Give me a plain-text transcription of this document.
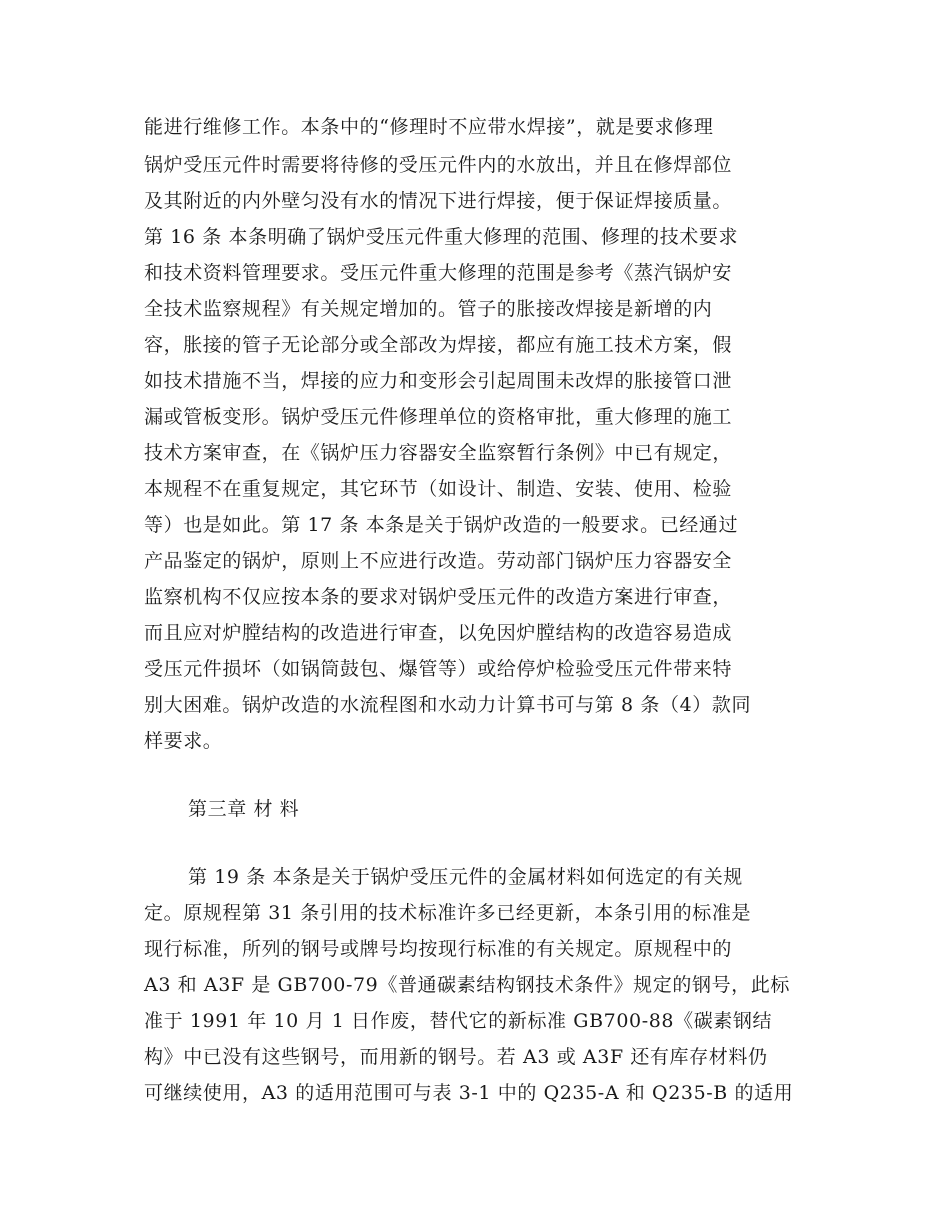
能进行维修工作。本条中的“修理时不应带水焊接”，就是要求修理
锅炉受压元件时需要将待修的受压元件内的水放出，并且在修焊部位
及其附近的内外壁匀没有水的情况下进行焊接，便于保证焊接质量。
第 16 条 本条明确了锅炉受压元件重大修理的范围、修理的技术要求
和技术资料管理要求。受压元件重大修理的范围是参考《蒸汽锅炉安
全技术监察规程》有关规定增加的。管子的胀接改焊接是新增的内
容，胀接的管子无论部分或全部改为焊接，都应有施工技术方案，假
如技术措施不当，焊接的应力和变形会引起周围未改焊的胀接管口泄
漏或管板变形。锅炉受压元件修理单位的资格审批，重大修理的施工
技术方案审查，在《锅炉压力容器安全监察暂行条例》中已有规定，
本规程不在重复规定，其它环节（如设计、制造、安装、使用、检验
等）也是如此。第 17 条 本条是关于锅炉改造的一般要求。已经通过
产品鉴定的锅炉，原则上不应进行改造。劳动部门锅炉压力容器安全
监察机构不仅应按本条的要求对锅炉受压元件的改造方案进行审查，
而且应对炉膛结构的改造进行审查，以免因炉膛结构的改造容易造成
受压元件损坏（如锅筒鼓包、爆管等）或给停炉检验受压元件带来特
别大困难。锅炉改造的水流程图和水动力计算书可与第 8 条（4）款同
样要求。
第三章 材 料
第 19 条 本条是关于锅炉受压元件的金属材料如何选定的有关规
定。原规程第 31 条引用的技术标准许多已经更新，本条引用的标准是
现行标准，所列的钢号或牌号均按现行标准的有关规定。原规程中的
A3 和 A3F 是 GB700-79《普通碳素结构钢技术条件》规定的钢号，此标
准于 1991 年 10 月 1 日作废，替代它的新标准 GB700-88《碳素钢结
构》中已没有这些钢号，而用新的钢号。若 A3 或 A3F 还有库存材料仍
可继续使用，A3 的适用范围可与表 3-1 中的 Q235-A 和 Q235-B 的适用
